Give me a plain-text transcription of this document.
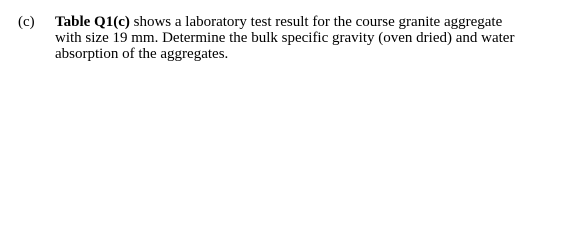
(c) Table Q1(c) shows a laboratory test result for the course granite aggregate
with size 19 mm. Determine the bulk specific gravity (oven dried) and water
absorption of the aggregates.
